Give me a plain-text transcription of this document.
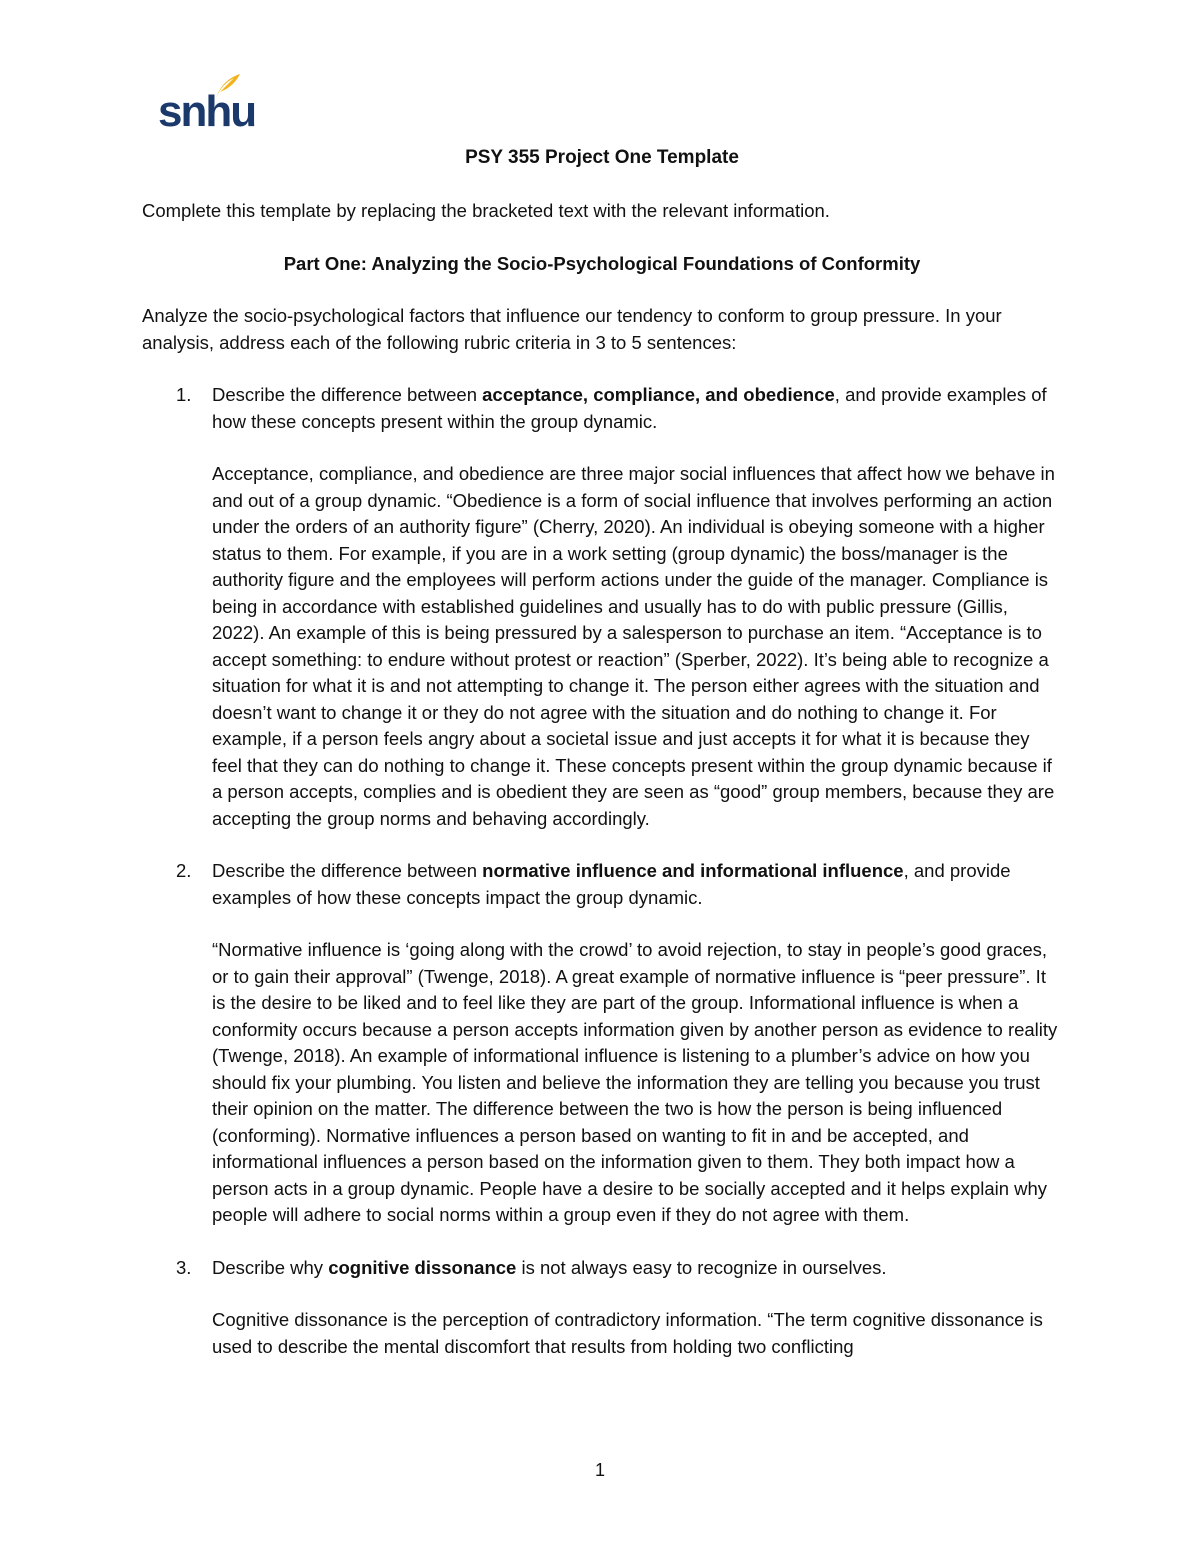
snhu

PSY 355 Project One Template

Complete this template by replacing the bracketed text with the relevant information.

Part One: Analyzing the Socio-Psychological Foundations of Conformity

Analyze the socio-psychological factors that influence our tendency to conform to group pressure. In your analysis, address each of the following rubric criteria in 3 to 5 sentences:

1. Describe the difference between acceptance, compliance, and obedience, and provide examples of how these concepts present within the group dynamic.

Acceptance, compliance, and obedience are three major social influences that affect how we behave in and out of a group dynamic. “Obedience is a form of social influence that involves performing an action under the orders of an authority figure” (Cherry, 2020). An individual is obeying someone with a higher status to them. For example, if you are in a work setting (group dynamic) the boss/manager is the authority figure and the employees will perform actions under the guide of the manager. Compliance is being in accordance with established guidelines and usually has to do with public pressure (Gillis, 2022). An example of this is being pressured by a salesperson to purchase an item. “Acceptance is to accept something: to endure without protest or reaction” (Sperber, 2022). It’s being able to recognize a situation for what it is and not attempting to change it. The person either agrees with the situation and doesn’t want to change it or they do not agree with the situation and do nothing to change it. For example, if a person feels angry about a societal issue and just accepts it for what it is because they feel that they can do nothing to change it. These concepts present within the group dynamic because if a person accepts, complies and is obedient they are seen as “good” group members, because they are accepting the group norms and behaving accordingly.

2. Describe the difference between normative influence and informational influence, and provide examples of how these concepts impact the group dynamic.

“Normative influence is ‘going along with the crowd’ to avoid rejection, to stay in people’s good graces, or to gain their approval” (Twenge, 2018). A great example of normative influence is “peer pressure”. It is the desire to be liked and to feel like they are part of the group. Informational influence is when a conformity occurs because a person accepts information given by another person as evidence to reality (Twenge, 2018). An example of informational influence is listening to a plumber’s advice on how you should fix your plumbing. You listen and believe the information they are telling you because you trust their opinion on the matter. The difference between the two is how the person is being influenced (conforming). Normative influences a person based on wanting to fit in and be accepted, and informational influences a person based on the information given to them. They both impact how a person acts in a group dynamic. People have a desire to be socially accepted and it helps explain why people will adhere to social norms within a group even if they do not agree with them.

3. Describe why cognitive dissonance is not always easy to recognize in ourselves.

Cognitive dissonance is the perception of contradictory information. “The term cognitive dissonance is used to describe the mental discomfort that results from holding two conflicting

1
